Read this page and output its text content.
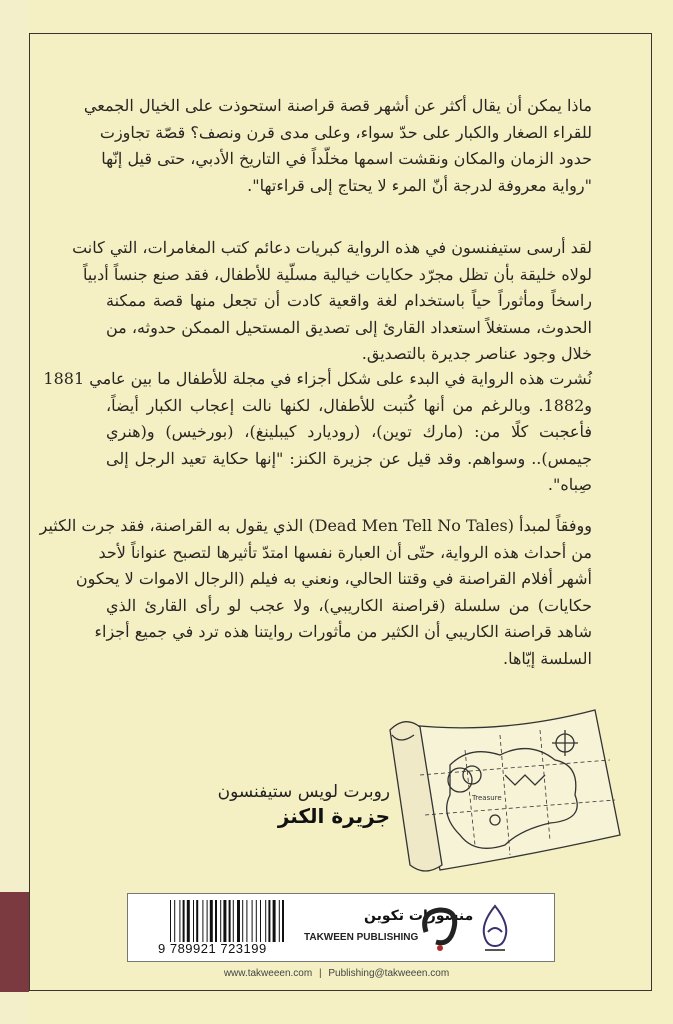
ماذا يمكن أن يقال أكثر عن أشهر قصة قراصنة استحوذت على الخيال الجمعي
للقراء الصغار والكبار على حدّ سواء، وعلى مدى قرن ونصف؟ قصّة تجاوزت
حدود الزمان والمكان ونقشت اسمها مخلّداً في التاريخ الأدبي، حتى قيل إنّها
"رواية معروفة لدرجة أنّ المرء لا يحتاج إلى قراءتها".
لقد أرسى ستيفنسون في هذه الرواية كبريات دعائم كتب المغامرات، التي كانت
لولاه خليقة بأن تظل مجرّد حكايات خيالية مسلّية للأطفال، فقد صنع جنساً أدبياً
راسخاً ومأثوراً حياً باستخدام لغة واقعية كادت أن تجعل منها قصة ممكنة
الحدوث، مستغلاً استعداد القارئ إلى تصديق المستحيل الممكن حدوثه، من
خلال وجود عناصر جديرة بالتصديق.
نُشرت هذه الرواية في البدء على شكل أجزاء في مجلة للأطفال ما بين عامي 1881
و1882. وبالرغم من أنها كُتبت للأطفال، لكنها نالت إعجاب الكبار أيضاً،
فأعجبت كلًا من: (مارك توين)، (روديارد كيبلينغ)، (بورخيس) و(هنري
جيمس).. وسواهم. وقد قيل عن جزيرة الكنز: "إنها حكاية تعيد الرجل إلى
صِباه".
ووفقاً لمبدأ (Dead Men Tell No Tales) الذي يقول به القراصنة، فقد جرت الكثير
من أحداث هذه الرواية، حتّى أن العبارة نفسها امتدّ تأثيرها لتصبح عنواناً لأحد
أشهر أفلام القراصنة في وقتنا الحالي، ونعني به فيلم (الرجال الاموات لا يحكون
حكايات) من سلسلة (قراصنة الكاريبي)، ولا عجب لو رأى القارئ الذي
شاهد قراصنة الكاريبي أن الكثير من مأثورات روايتنا هذه ترد في جميع أجزاء
السلسة إيّاها.
Treasure
روبرت لويس ستيفنسون
جزيرة الكنز
9 789921 723199
منشورات تكوين
TAKWEEN PUBLISHING
www.takweeen.com | Publishing@takweeen.com
